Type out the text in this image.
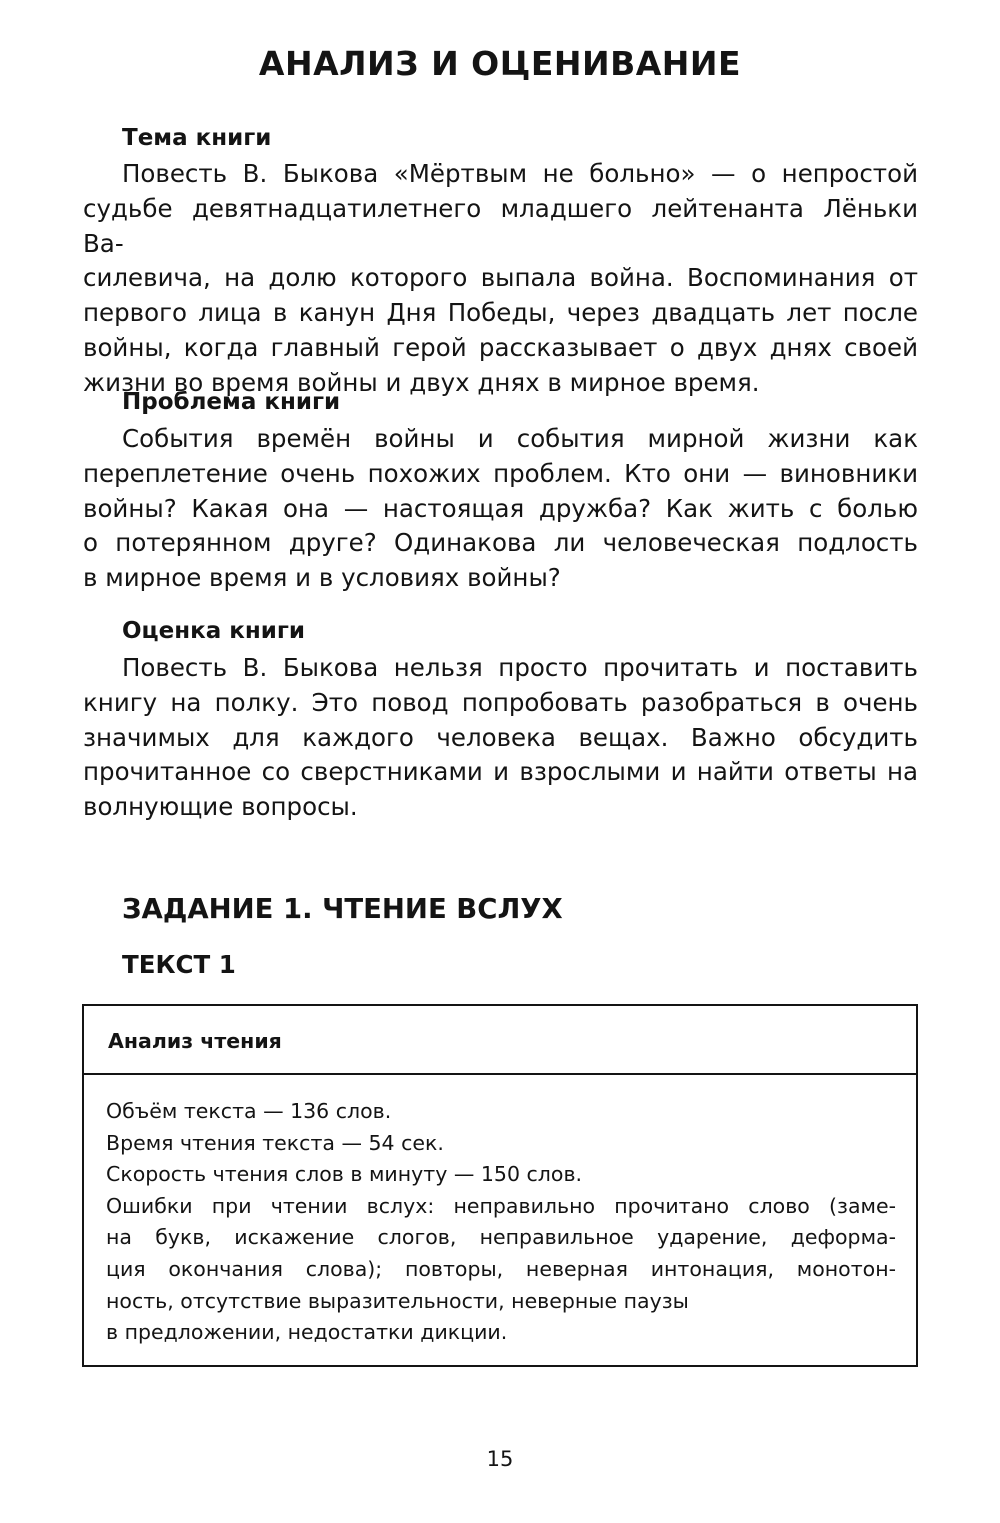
АНАЛИЗ И ОЦЕНИВАНИЕ
Тема книги
Повесть В. Быкова «Мёртвым не больно» — о непростой
судьбе девятнадцатилетнего младшего лейтенанта Лёньки Ва-
силевича, на долю которого выпала война. Воспоминания от
первого лица в канун Дня Победы, через двадцать лет после
войны, когда главный герой рассказывает о двух днях своей
жизни во время войны и двух днях в мирное время.
Проблема книги
События времён войны и события мирной жизни как
переплетение очень похожих проблем. Кто они — виновники
войны? Какая она — настоящая дружба? Как жить с болью
о потерянном друге? Одинакова ли человеческая подлость
в мирное время и в условиях войны?
Оценка книги
Повесть В. Быкова нельзя просто прочитать и поставить
книгу на полку. Это повод попробовать разобраться в очень
значимых для каждого человека вещах. Важно обсудить
прочитанное со сверстниками и взрослыми и найти ответы на
волнующие вопросы.
ЗАДАНИЕ 1. ЧТЕНИЕ ВСЛУХ
ТЕКСТ 1
Анализ чтения
Объём текста — 136 слов.
Время чтения текста — 54 сек.
Скорость чтения слов в минуту — 150 слов.
Ошибки при чтении вслух: неправильно прочитано слово (заме-
на букв, искажение слогов, неправильное ударение, деформа-
ция окончания слова); повторы, неверная интонация, монотон-
ность, отсутствие выразительности, неверные паузы
в предложении, недостатки дикции.
15
